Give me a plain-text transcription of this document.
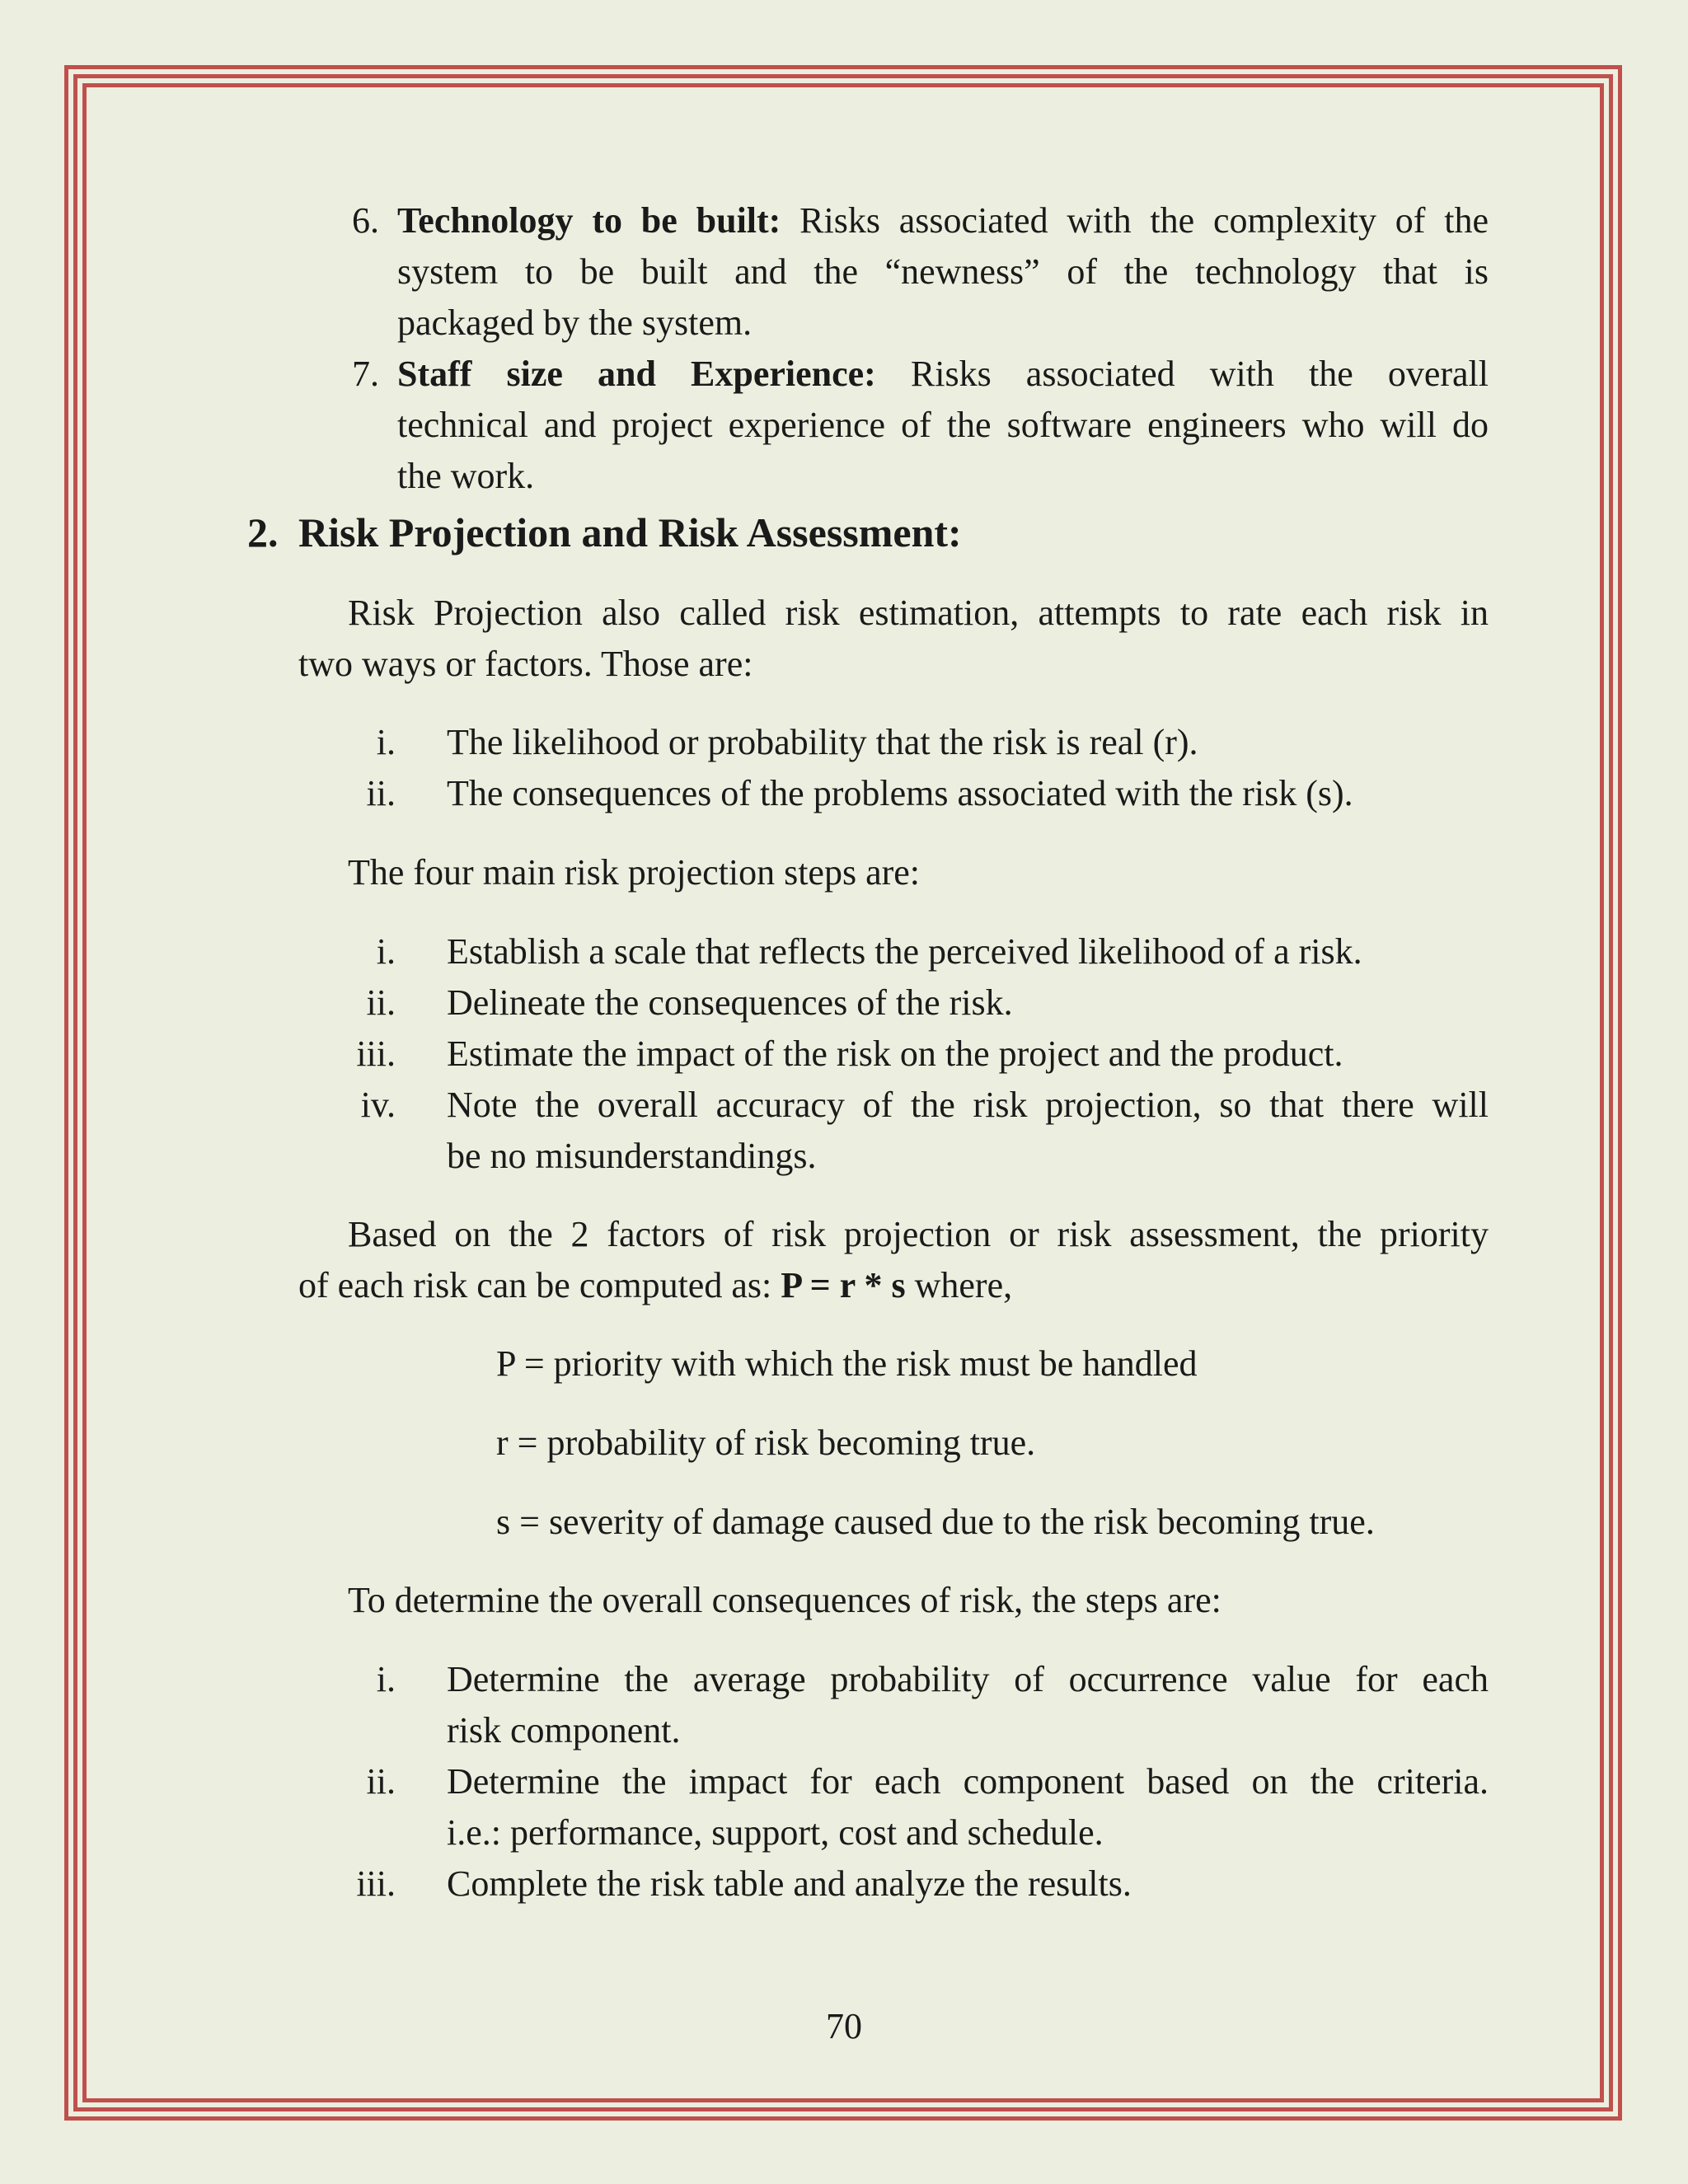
6. Technology to be built: Risks associated with the complexity of the
system to be built and the “newness” of the technology that is
packaged by the system.
7. Staff size and Experience: Risks associated with the overall
technical and project experience of the software engineers who will do
the work.
2. Risk Projection and Risk Assessment:
Risk Projection also called risk estimation, attempts to rate each risk in
two ways or factors. Those are:
i. The likelihood or probability that the risk is real (r).
ii. The consequences of the problems associated with the risk (s).
The four main risk projection steps are:
i. Establish a scale that reflects the perceived likelihood of a risk.
ii. Delineate the consequences of the risk.
iii. Estimate the impact of the risk on the project and the product.
iv. Note the overall accuracy of the risk projection, so that there will
be no misunderstandings.
Based on the 2 factors of risk projection or risk assessment, the priority
of each risk can be computed as: P = r * s where,
P = priority with which the risk must be handled
r = probability of risk becoming true.
s = severity of damage caused due to the risk becoming true.
To determine the overall consequences of risk, the steps are:
i. Determine the average probability of occurrence value for each
risk component.
ii. Determine the impact for each component based on the criteria.
i.e.: performance, support, cost and schedule.
iii. Complete the risk table and analyze the results.
70
